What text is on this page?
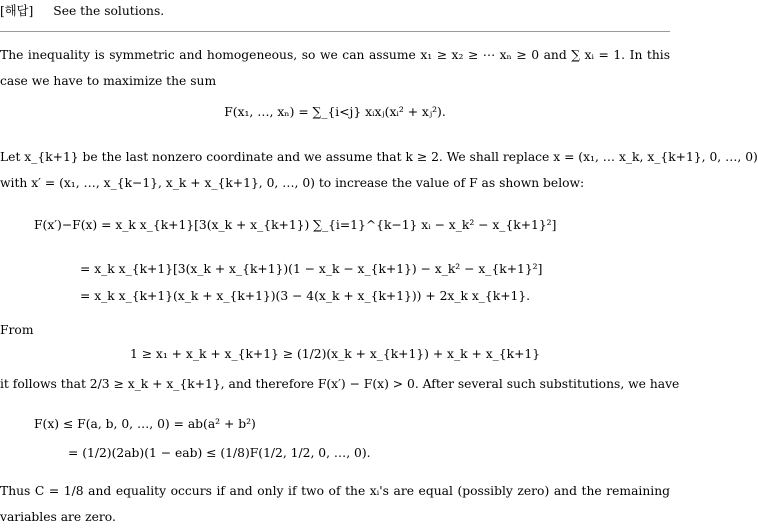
[해답] See the solutions.
The inequality is symmetric and homogeneous, so we can assume x₁ ≥ x₂ ≥ ⋯ xₙ ≥ 0 and ∑ xᵢ = 1. In this case we have to maximize the sum
F(x₁, …, xₙ) = ∑_{i<j} xᵢxⱼ(xᵢ² + xⱼ²).
Let x_{k+1} be the last nonzero coordinate and we assume that k ≥ 2. We shall replace x = (x₁, … x_k, x_{k+1}, 0, …, 0)
with x′ = (x₁, …, x_{k−1}, x_k + x_{k+1}, 0, …, 0) to increase the value of F as shown below:
F(x′)−F(x) = x_k x_{k+1}[3(x_k + x_{k+1}) ∑_{i=1}^{k−1} xᵢ − x_k² − x_{k+1}²]
= x_k x_{k+1}[3(x_k + x_{k+1})(1 − x_k − x_{k+1}) − x_k² − x_{k+1}²]
= x_k x_{k+1}(x_k + x_{k+1})(3 − 4(x_k + x_{k+1})) + 2x_k x_{k+1}.
From
1 ≥ x₁ + x_k + x_{k+1} ≥ (1/2)(x_k + x_{k+1}) + x_k + x_{k+1}
it follows that 2/3 ≥ x_k + x_{k+1}, and therefore F(x′) − F(x) > 0. After several such substitutions, we have
F(x) ≤ F(a, b, 0, …, 0) = ab(a² + b²)
= (1/2)(2ab)(1 − eab) ≤ (1/8)F(1/2, 1/2, 0, …, 0).
Thus C = 1/8 and equality occurs if and only if two of the xᵢ's are equal (possibly zero) and the remaining variables are zero.
